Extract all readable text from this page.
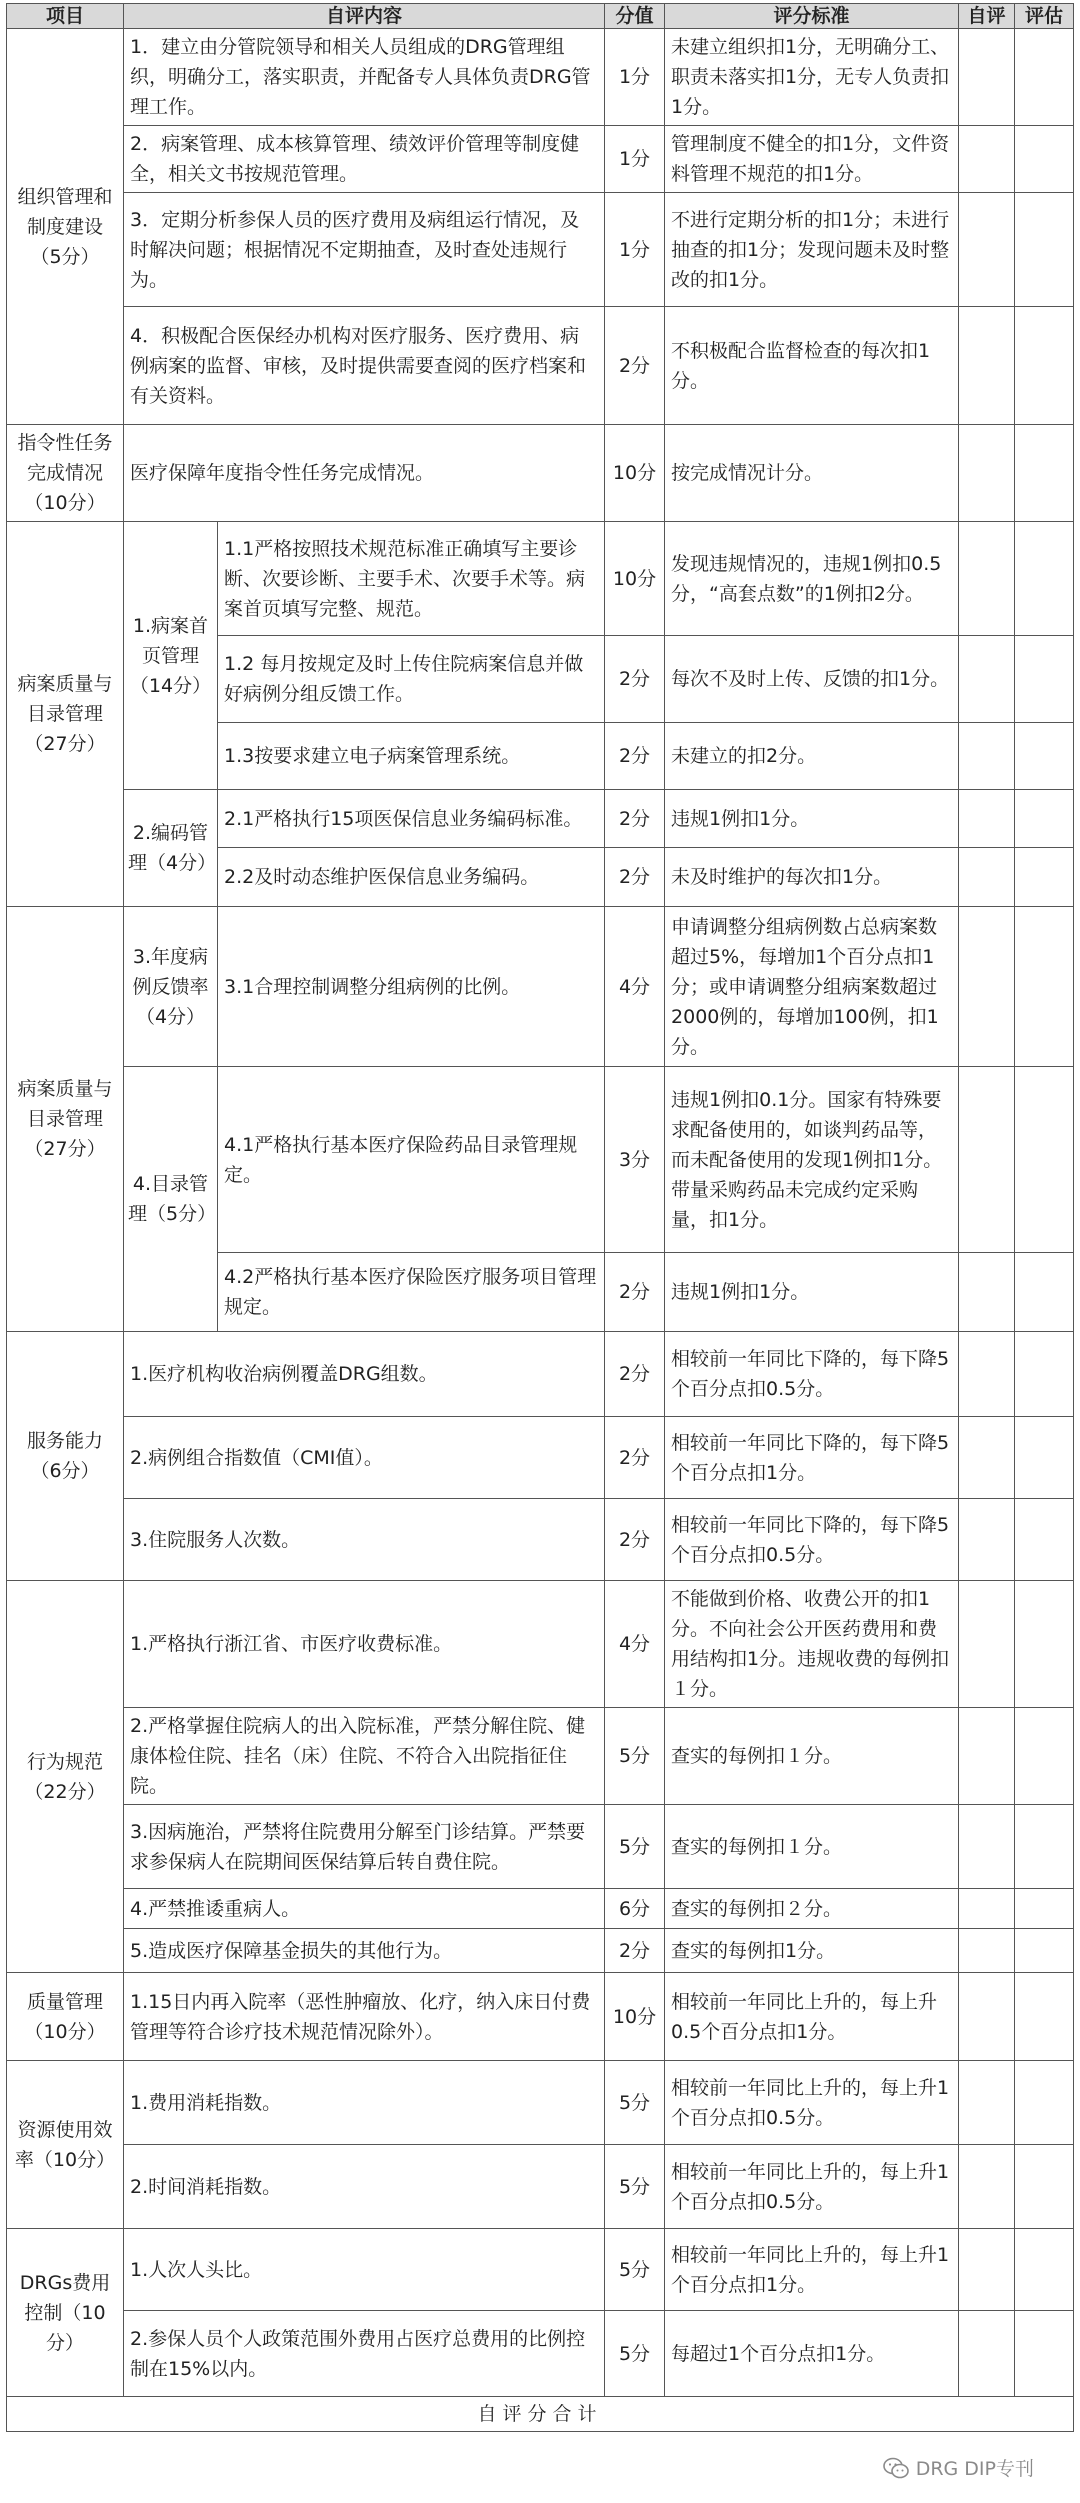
项目	自评内容		分值	评分标准	自评	评估
组织管理和制度建设（5分）	1．建立由分管院领导和相关人员组成的DRG管理组织，明确分工，落实职责，并配备专人具体负责DRG管理工作。		1分	未建立组织扣1分，无明确分工、职责未落实扣1分，无专人负责扣1分。		
	2．病案管理、成本核算管理、绩效评价管理等制度健全，相关文书按规范管理。		1分	管理制度不健全的扣1分，文件资料管理不规范的扣1分。		
	3．定期分析参保人员的医疗费用及病组运行情况，及时解决问题；根据情况不定期抽查，及时查处违规行为。		1分	不进行定期分析的扣1分；未进行抽查的扣1分；发现问题未及时整改的扣1分。		
	4．积极配合医保经办机构对医疗服务、医疗费用、病例病案的监督、审核，及时提供需要查阅的医疗档案和有关资料。		2分	不积极配合监督检查的每次扣1分。		
指令性任务完成情况（10分）	医疗保障年度指令性任务完成情况。		10分	按完成情况计分。		
病案质量与目录管理（27分）	1.病案首页管理（14分）	1.1严格按照技术规范标准正确填写主要诊断、次要诊断、主要手术、次要手术等。病案首页填写完整、规范。	10分	发现违规情况的，违规1例扣0.5分，“高套点数”的1例扣2分。		
		1.2 每月按规定及时上传住院病案信息并做好病例分组反馈工作。	2分	每次不及时上传、反馈的扣1分。		
		1.3按要求建立电子病案管理系统。	2分	未建立的扣2分。		
	2.编码管理（4分）	2.1严格执行15项医保信息业务编码标准。	2分	违规1例扣1分。		
		2.2及时动态维护医保信息业务编码。	2分	未及时维护的每次扣1分。		
病案质量与目录管理（27分）	3.年度病例反馈率（4分）	3.1合理控制调整分组病例的比例。	4分	申请调整分组病例数占总病案数超过5%，每增加1个百分点扣1分；或申请调整分组病案数超过2000例的，每增加100例，扣1分。		
	4.目录管理（5分）	4.1严格执行基本医疗保险药品目录管理规定。	3分	违规1例扣0.1分。国家有特殊要求配备使用的，如谈判药品等，而未配备使用的发现1例扣1分。带量采购药品未完成约定采购量，扣1分。		
		4.2严格执行基本医疗保险医疗服务项目管理规定。	2分	违规1例扣1分。		
服务能力（6分）	1.医疗机构收治病例覆盖DRG组数。		2分	相较前一年同比下降的，每下降5个百分点扣0.5分。		
	2.病例组合指数值（CMI值）。		2分	相较前一年同比下降的，每下降5个百分点扣1分。		
	3.住院服务人次数。		2分	相较前一年同比下降的，每下降5个百分点扣0.5分。		
行为规范（22分）	1.严格执行浙江省、市医疗收费标准。		4分	不能做到价格、收费公开的扣1分。不向社会公开医药费用和费用结构扣1分。违规收费的每例扣１分。		
	2.严格掌握住院病人的出入院标准，严禁分解住院、健康体检住院、挂名（床）住院、不符合入出院指征住院。		5分	查实的每例扣１分。		
	3.因病施治，严禁将住院费用分解至门诊结算。严禁要求参保病人在院期间医保结算后转自费住院。		5分	查实的每例扣１分。		
	4.严禁推诿重病人。		6分	查实的每例扣２分。		
	5.造成医疗保障基金损失的其他行为。		2分	查实的每例扣1分。		
质量管理（10分）	1.15日内再入院率（恶性肿瘤放、化疗，纳入床日付费管理等符合诊疗技术规范情况除外）。		10分	相较前一年同比上升的，每上升0.5个百分点扣1分。		
资源使用效率（10分）	1.费用消耗指数。		5分	相较前一年同比上升的，每上升1个百分点扣0.5分。		
	2.时间消耗指数。		5分	相较前一年同比上升的，每上升1个百分点扣0.5分。		
DRGs费用控制（10分）	1.人次人头比。		5分	相较前一年同比上升的，每上升1个百分点扣1分。		
	2.参保人员个人政策范围外费用占医疗总费用的比例控制在15%以内。		5分	每超过1个百分点扣1分。		
自评分合计						
DRG DIP专刊
